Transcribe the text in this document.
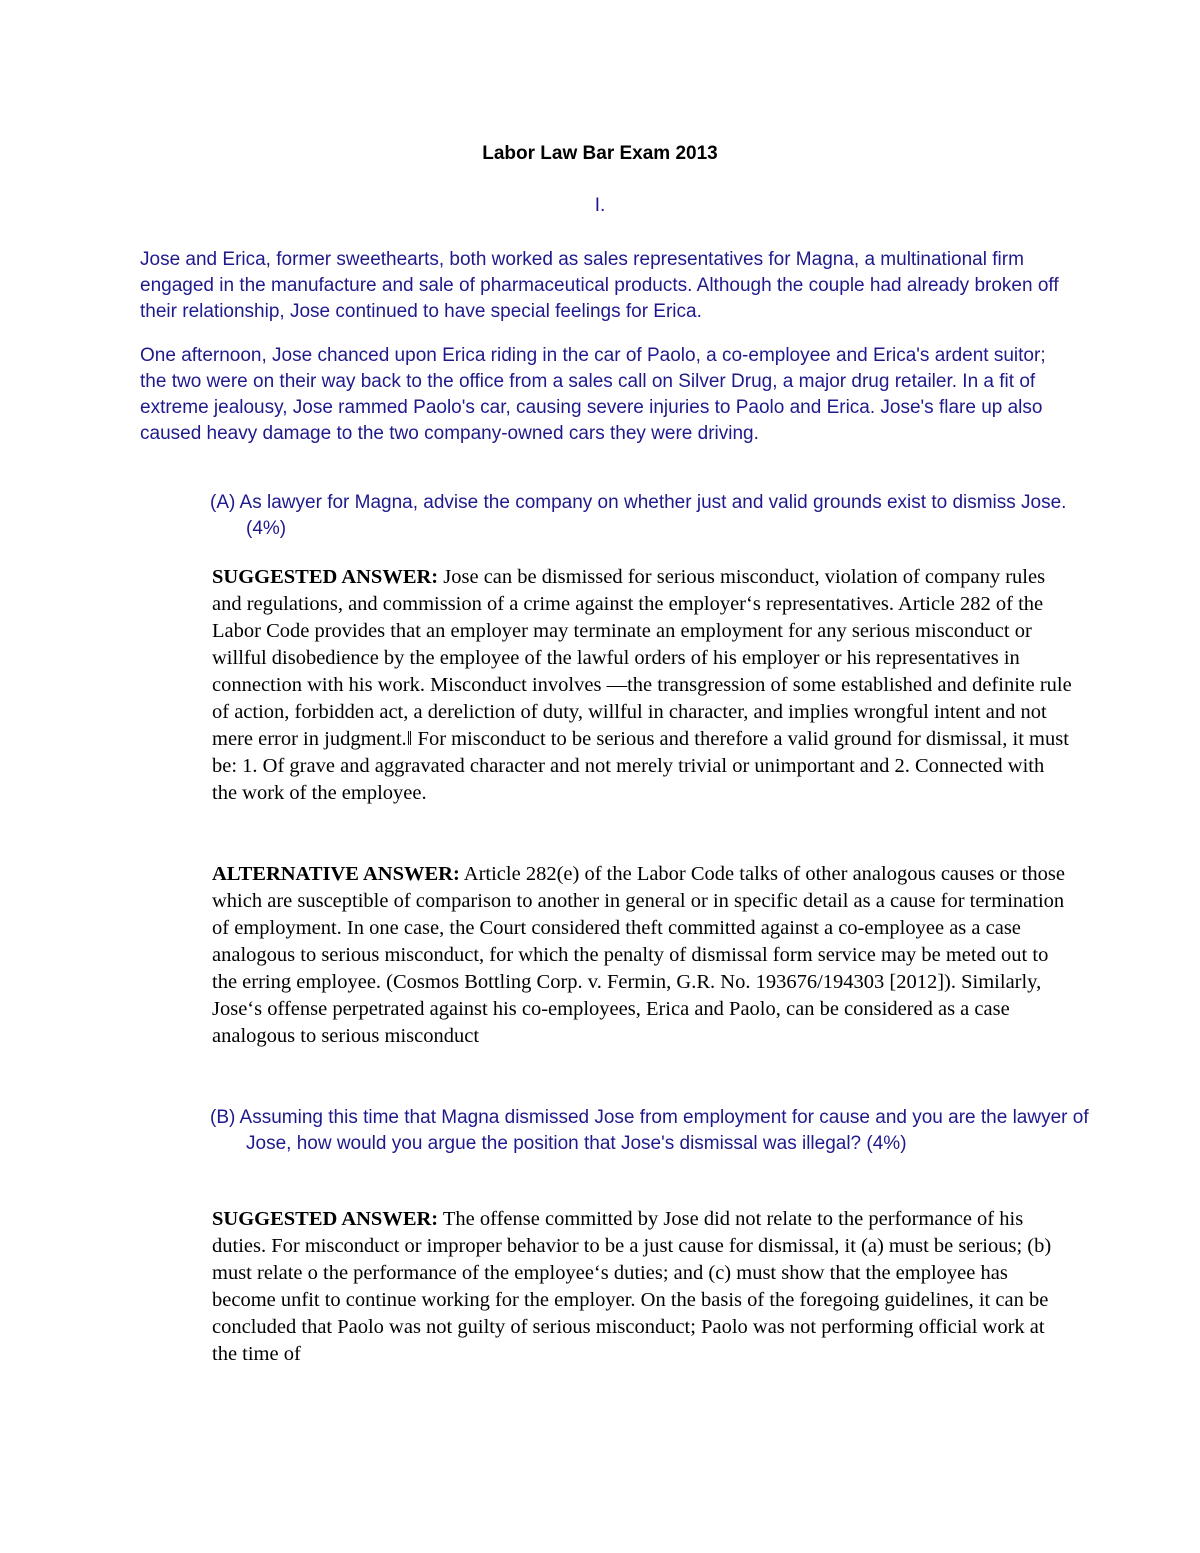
Labor Law Bar Exam 2013
I.

Jose and Erica, former sweethearts, both worked as sales representatives for Magna, a multinational firm engaged in the manufacture and sale of pharmaceutical products. Although the couple had already broken off their relationship, Jose continued to have special feelings for Erica.

One afternoon, Jose chanced upon Erica riding in the car of Paolo, a co-employee and Erica's ardent suitor; the two were on their way back to the office from a sales call on Silver Drug, a major drug retailer. In a fit of extreme jealousy, Jose rammed Paolo's car, causing severe injuries to Paolo and Erica. Jose's flare up also caused heavy damage to the two company-owned cars they were driving.

(A) As lawyer for Magna, advise the company on whether just and valid grounds exist to dismiss Jose. (4%)

SUGGESTED ANSWER: Jose can be dismissed for serious misconduct, violation of company rules and regulations, and commission of a crime against the employer‘s representatives. Article 282 of the Labor Code provides that an employer may terminate an employment for any serious misconduct or willful disobedience by the employee of the lawful orders of his employer or his representatives in connection with his work. Misconduct involves ―the transgression of some established and definite rule of action, forbidden act, a dereliction of duty, willful in character, and implies wrongful intent and not mere error in judgment.‖ For misconduct to be serious and therefore a valid ground for dismissal, it must be: 1. Of grave and aggravated character and not merely trivial or unimportant and 2. Connected with the work of the employee.

ALTERNATIVE ANSWER: Article 282(e) of the Labor Code talks of other analogous causes or those which are susceptible of comparison to another in general or in specific detail as a cause for termination of employment. In one case, the Court considered theft committed against a co-employee as a case analogous to serious misconduct, for which the penalty of dismissal form service may be meted out to the erring employee. (Cosmos Bottling Corp. v. Fermin, G.R. No. 193676/194303 [2012]). Similarly, Jose‘s offense perpetrated against his co-employees, Erica and Paolo, can be considered as a case analogous to serious misconduct

(B) Assuming this time that Magna dismissed Jose from employment for cause and you are the lawyer of Jose, how would you argue the position that Jose's dismissal was illegal? (4%)

SUGGESTED ANSWER: The offense committed by Jose did not relate to the performance of his duties. For misconduct or improper behavior to be a just cause for dismissal, it (a) must be serious; (b) must relate o the performance of the employee‘s duties; and (c) must show that the employee has become unfit to continue working for the employer. On the basis of the foregoing guidelines, it can be concluded that Paolo was not guilty of serious misconduct; Paolo was not performing official work at the time of
